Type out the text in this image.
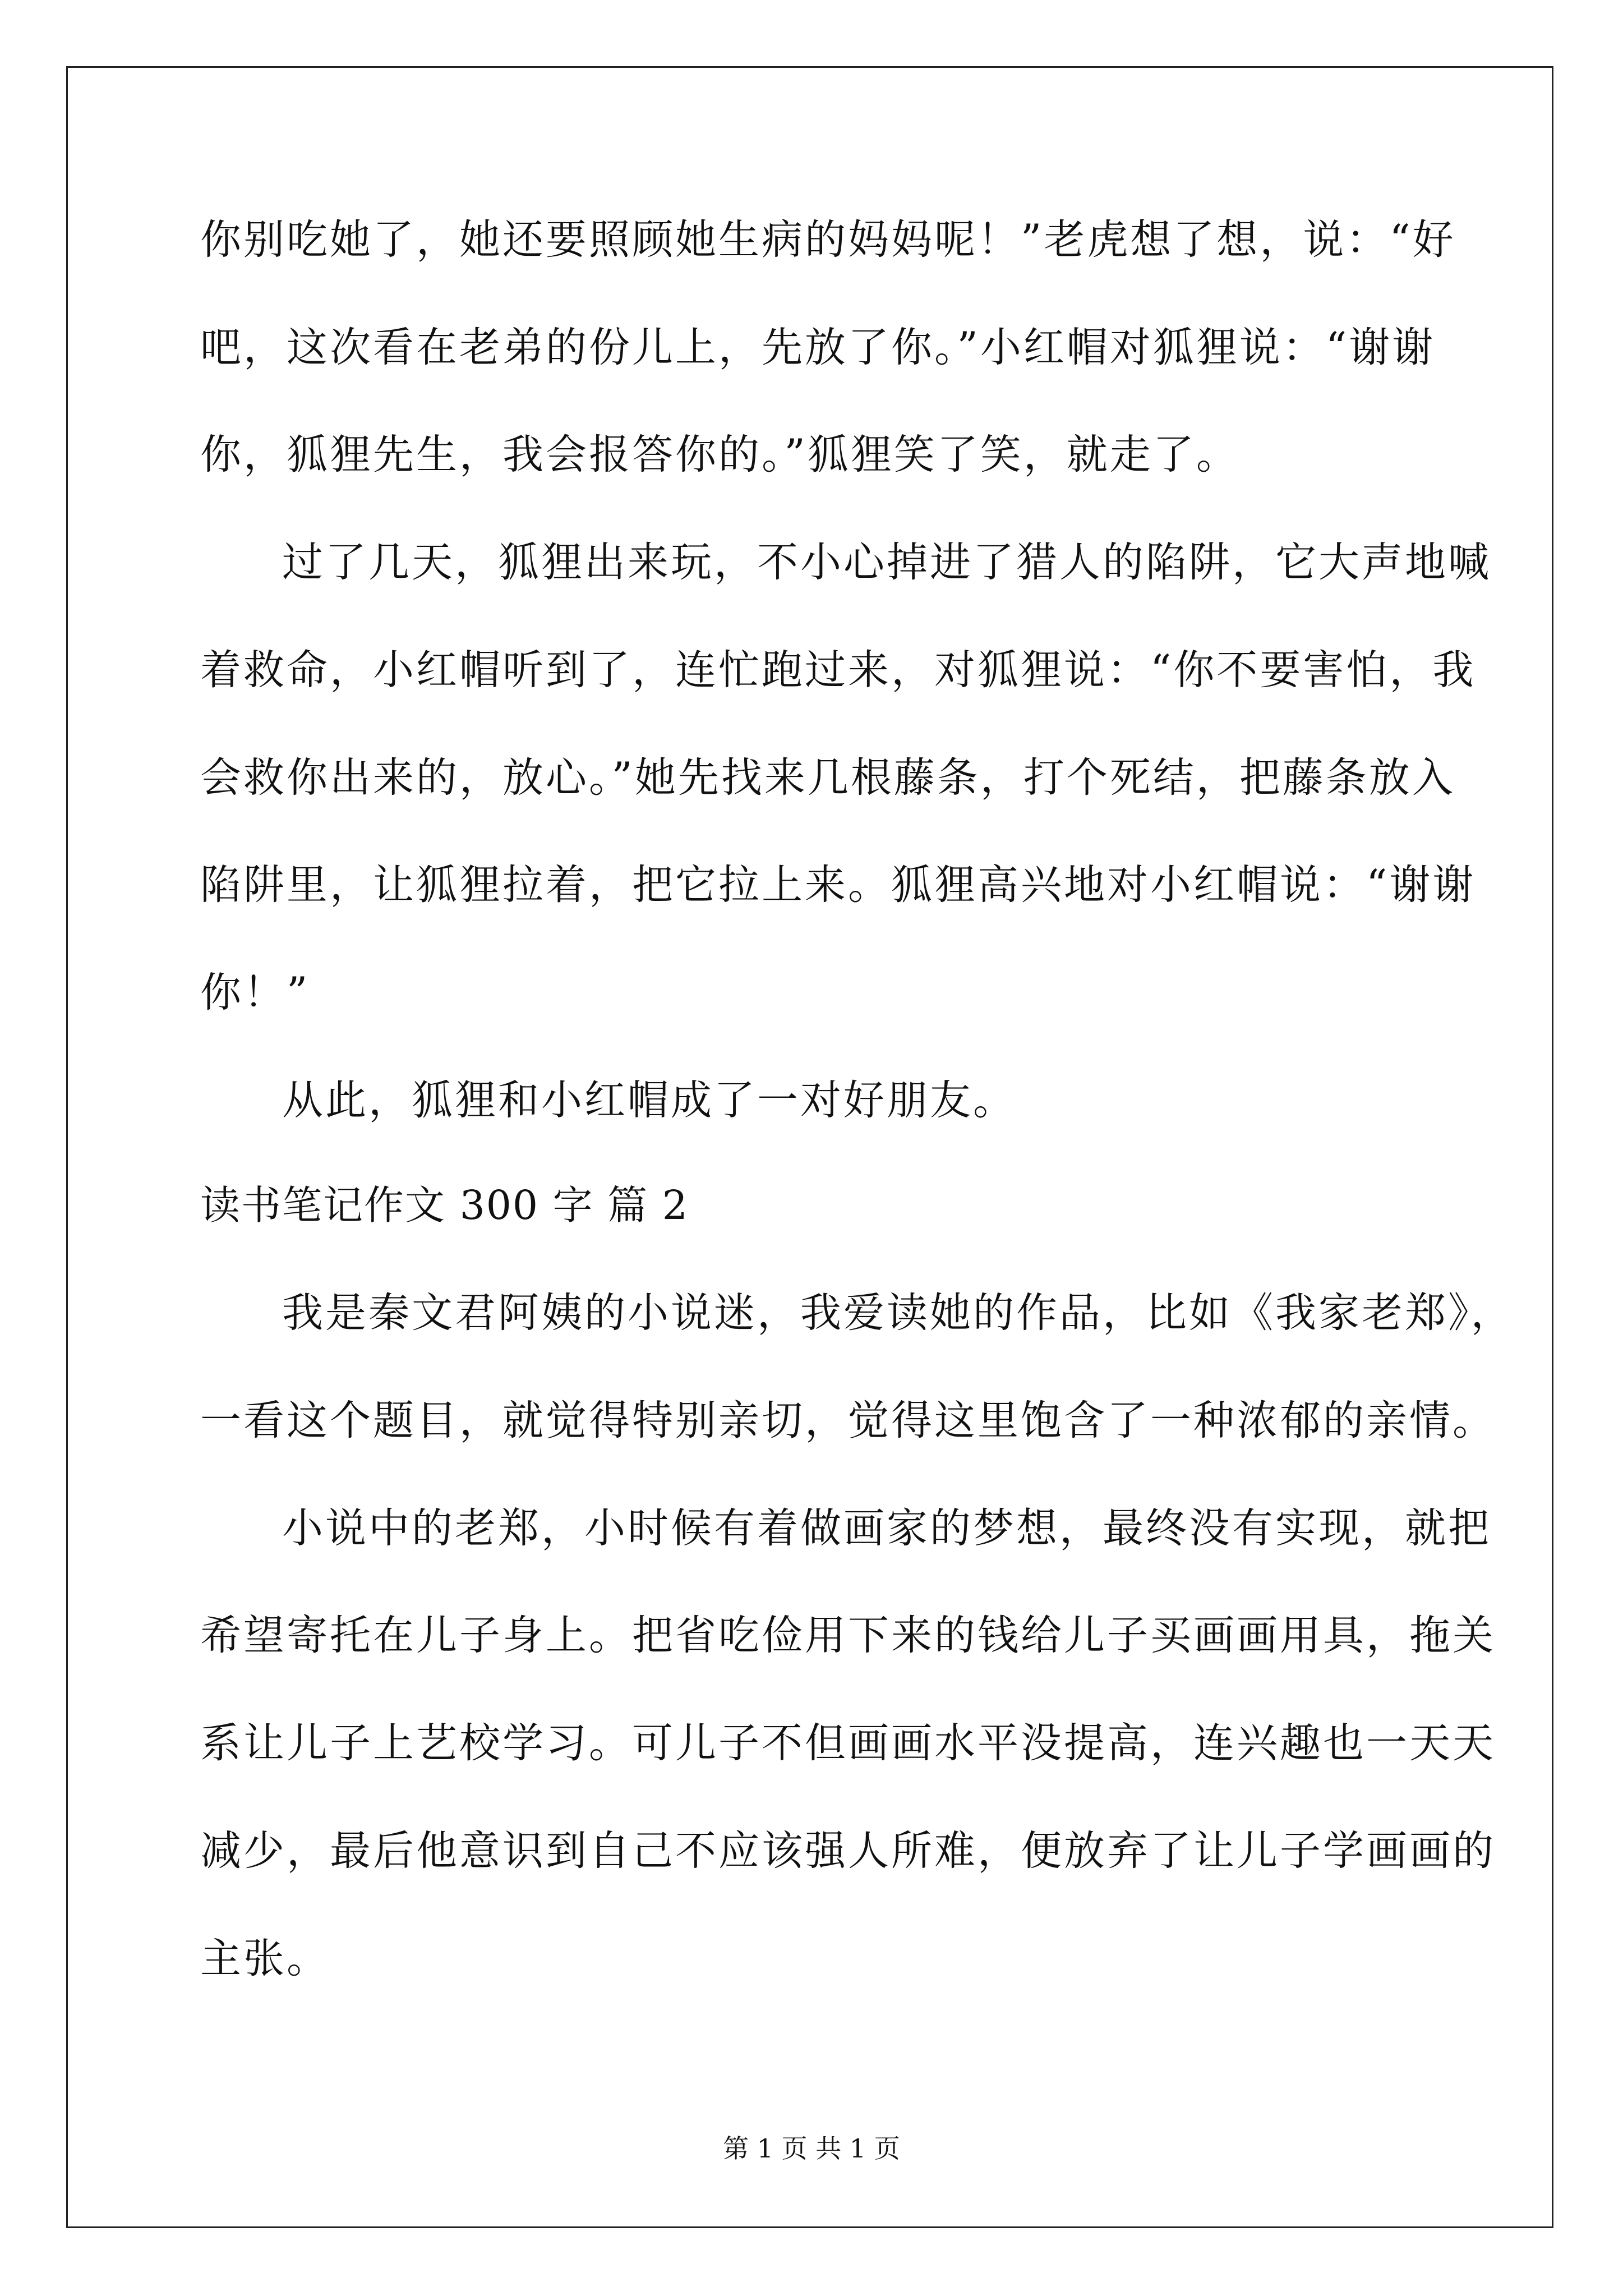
你别吃她了，她还要照顾她生病的妈妈呢！”老虎想了想，说：“好
吧，这次看在老弟的份儿上，先放了你。”小红帽对狐狸说：“谢谢
你，狐狸先生，我会报答你的。”狐狸笑了笑，就走了。
过了几天，狐狸出来玩，不小心掉进了猎人的陷阱，它大声地喊
着救命，小红帽听到了，连忙跑过来，对狐狸说：“你不要害怕，我
会救你出来的，放心。”她先找来几根藤条，打个死结，把藤条放入
陷阱里，让狐狸拉着，把它拉上来。狐狸高兴地对小红帽说：“谢谢
你！”
从此，狐狸和小红帽成了一对好朋友。
读书笔记作文 300 字 篇 2
我是秦文君阿姨的小说迷，我爱读她的作品，比如《我家老郑》，
一看这个题目，就觉得特别亲切，觉得这里饱含了一种浓郁的亲情。
小说中的老郑，小时候有着做画家的梦想，最终没有实现，就把
希望寄托在儿子身上。把省吃俭用下来的钱给儿子买画画用具，拖关
系让儿子上艺校学习。可儿子不但画画水平没提高，连兴趣也一天天
减少，最后他意识到自己不应该强人所难，便放弃了让儿子学画画的
主张。
第 1 页 共 1 页
